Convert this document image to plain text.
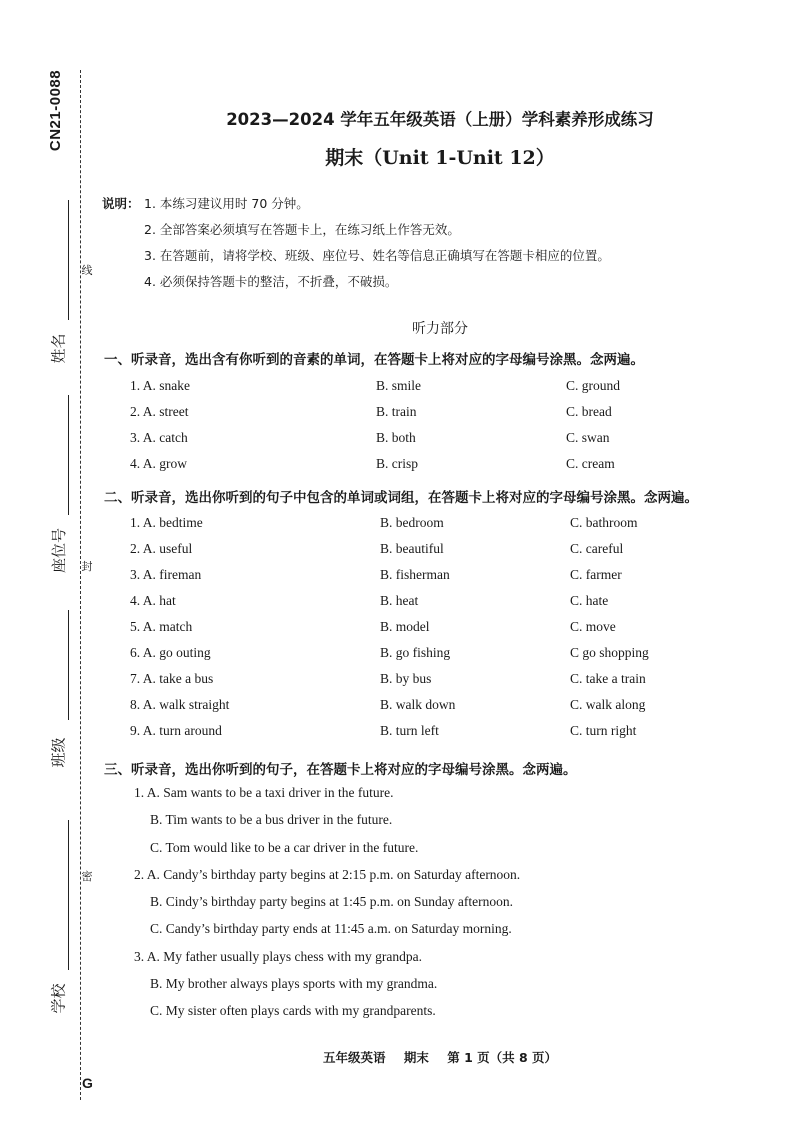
CN21-0088
线
封
密
姓名
座位号
班级
学校
G
2023—2024 学年五年级英语（上册）学科素养形成练习
期末（Unit 1-Unit 12）
说明： 1. 本练习建议用时 70 分钟。
2. 全部答案必须填写在答题卡上，在练习纸上作答无效。
3. 在答题前，请将学校、班级、座位号、姓名等信息正确填写在答题卡相应的位置。
4. 必须保持答题卡的整洁，不折叠，不破损。
听力部分
一、听录音，选出含有你听到的音素的单词，在答题卡上将对应的字母编号涂黑。念两遍。
1. A. snake	B. smile	C. ground
2. A. street	B. train	C. bread
3. A. catch	B. both	C. swan
4. A. grow	B. crisp	C. cream
二、听录音，选出你听到的句子中包含的单词或词组，在答题卡上将对应的字母编号涂黑。念两遍。
1. A. bedtime	B. bedroom	C. bathroom
2. A. useful	B. beautiful	C. careful
3. A. fireman	B. fisherman	C. farmer
4. A. hat	B. heat	C. hate
5. A. match	B. model	C. move
6. A. go outing	B. go fishing	C go shopping
7. A. take a bus	B. by bus	C. take a train
8. A. walk straight	B. walk down	C. walk along
9. A. turn around	B. turn left	C. turn right
三、听录音，选出你听到的句子，在答题卡上将对应的字母编号涂黑。念两遍。
1. A. Sam wants to be a taxi driver in the future.
B. Tim wants to be a bus driver in the future.
C. Tom would like to be a car driver in the future.
2. A. Candy’s birthday party begins at 2:15 p.m. on Saturday afternoon.
B. Cindy’s birthday party begins at 1:45 p.m. on Sunday afternoon.
C. Candy’s birthday party ends at 11:45 a.m. on Saturday morning.
3. A. My father usually plays chess with my grandpa.
B. My brother always plays sports with my grandma.
C. My sister often plays cards with my grandparents.
五年级英语 期末 第 1 页（共 8 页）
